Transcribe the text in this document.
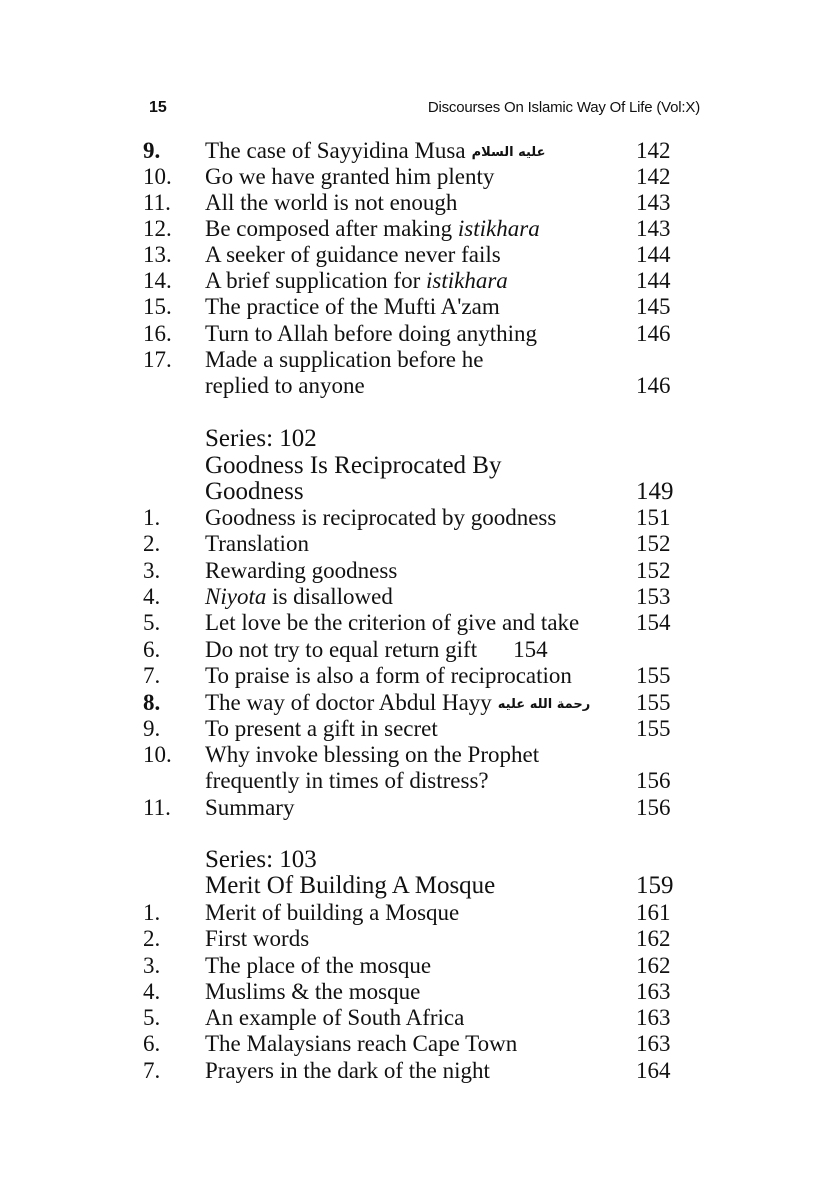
15	Discourses On Islamic Way Of Life (Vol:X)
9. The case of Sayyidina Musa عليه السلام	142
10. Go we have granted him plenty	142
11. All the world is not enough	143
12. Be composed after making istikhara	143
13. A seeker of guidance never fails	144
14. A brief supplication for istikhara	144
15. The practice of the Mufti A'zam	145
16. Turn to Allah before doing anything	146
17. Made a supplication before he
replied to anyone	146
Series: 102
Goodness Is Reciprocated By
Goodness	149
1. Goodness is reciprocated by goodness	151
2. Translation	152
3. Rewarding goodness	152
4. Niyota is disallowed	153
5. Let love be the criterion of give and take 154
6. Do not try to equal return gift 154
7. To praise is also a form of reciprocation	155
8. The way of doctor Abdul Hayy رحمة الله عليه 155
9. To present a gift in secret	155
10. Why invoke blessing on the Prophet
frequently in times of distress?	156
11. Summary	156
Series: 103
Merit Of Building A Mosque	159
1. Merit of building a Mosque	161
2. First words	162
3. The place of the mosque	162
4. Muslims & the mosque	163
5. An example of South Africa	163
6. The Malaysians reach Cape Town	163
7. Prayers in the dark of the night	164
